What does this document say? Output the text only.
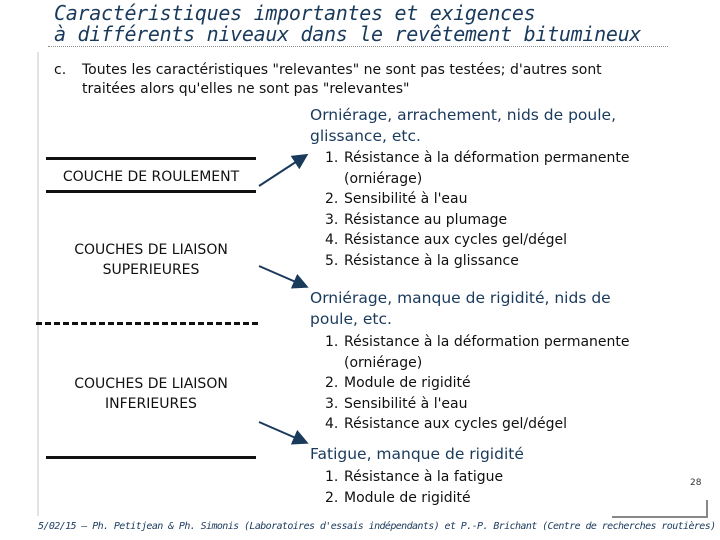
Caractéristiques importantes et exigences
à différents niveaux dans le revêtement bitumineux
c. Toutes les caractéristiques "relevantes" ne sont pas testées; d'autres sont
traitées alors qu'elles ne sont pas "relevantes"
COUCHE DE ROULEMENT
COUCHES DE LIAISON
SUPERIEURES
COUCHES DE LIAISON
INFERIEURES
Orniérage, arrachement, nids de poule,
glissance, etc.
1. Résistance à la déformation permanente
(orniérage)
2. Sensibilité à l'eau
3. Résistance au plumage
4. Résistance aux cycles gel/dégel
5. Résistance à la glissance
Orniérage, manque de rigidité, nids de
poule, etc.
1. Résistance à la déformation permanente
(orniérage)
2. Module de rigidité
3. Sensibilité à l'eau
4. Résistance aux cycles gel/dégel
Fatigue, manque de rigidité
1. Résistance à la fatigue
2. Module de rigidité
28
5/02/15 – Ph. Petitjean & Ph. Simonis (Laboratoires d'essais indépendants) et P.-P. Brichant (Centre de recherches routières)
